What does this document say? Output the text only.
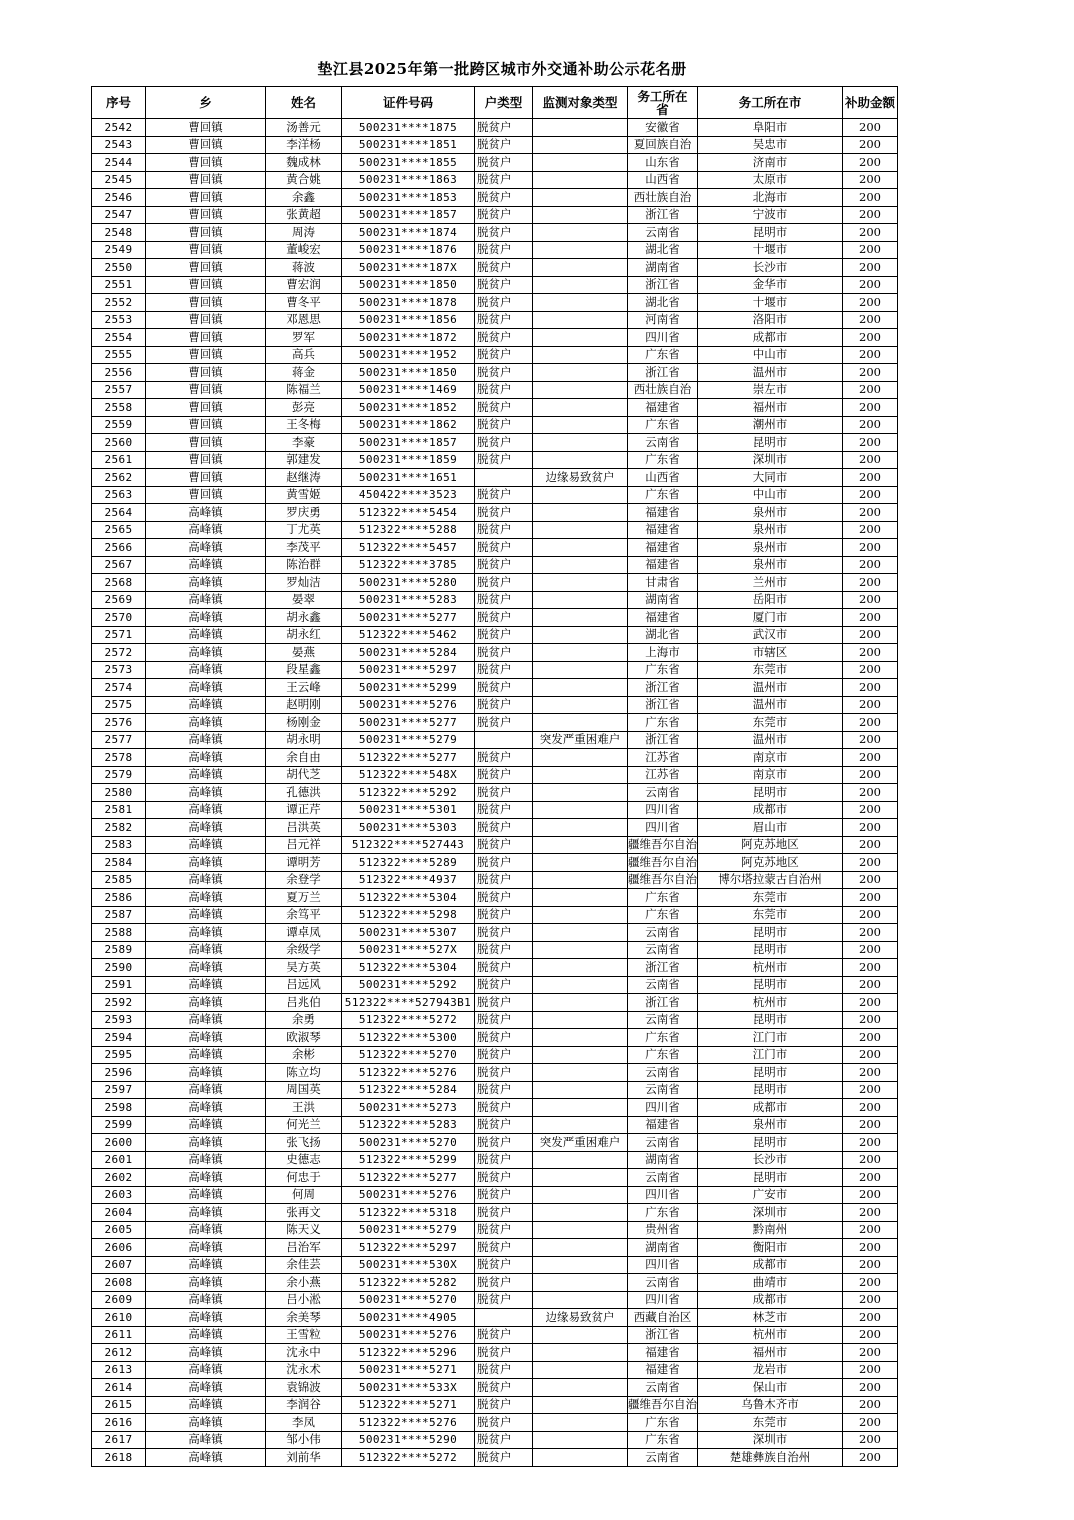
垫江县2025年第一批跨区城市外交通补助公示花名册
序号	乡	姓名	证件号码	户类型	监测对象类型	务工所在省	务工所在市	补助金额
2542	曹回镇	汤善元	500231****1875	脱贫户		安徽省	阜阳市	200
2543	曹回镇	李洋杨	500231****1851	脱贫户		夏回族自治	吴忠市	200
2544	曹回镇	魏成林	500231****1855	脱贫户		山东省	济南市	200
2545	曹回镇	黄合姚	500231****1863	脱贫户		山西省	太原市	200
2546	曹回镇	余鑫	500231****1853	脱贫户		西壮族自治	北海市	200
2547	曹回镇	张黄超	500231****1857	脱贫户		浙江省	宁波市	200
2548	曹回镇	周涛	500231****1874	脱贫户		云南省	昆明市	200
2549	曹回镇	董峻宏	500231****1876	脱贫户		湖北省	十堰市	200
2550	曹回镇	蒋波	500231****187X	脱贫户		湖南省	长沙市	200
2551	曹回镇	曹宏润	500231****1850	脱贫户		浙江省	金华市	200
2552	曹回镇	曹冬平	500231****1878	脱贫户		湖北省	十堰市	200
2553	曹回镇	邓恩思	500231****1856	脱贫户		河南省	洛阳市	200
2554	曹回镇	罗军	500231****1872	脱贫户		四川省	成都市	200
2555	曹回镇	高兵	500231****1952	脱贫户		广东省	中山市	200
2556	曹回镇	蒋金	500231****1850	脱贫户		浙江省	温州市	200
2557	曹回镇	陈福兰	500231****1469	脱贫户		西壮族自治	崇左市	200
2558	曹回镇	彭亮	500231****1852	脱贫户		福建省	福州市	200
2559	曹回镇	王冬梅	500231****1862	脱贫户		广东省	潮州市	200
2560	曹回镇	李豪	500231****1857	脱贫户		云南省	昆明市	200
2561	曹回镇	郭建发	500231****1859	脱贫户		广东省	深圳市	200
2562	曹回镇	赵继涛	500231****1651		边缘易致贫户	山西省	大同市	200
2563	曹回镇	黄雪姬	450422****3523	脱贫户		广东省	中山市	200
2564	高峰镇	罗庆勇	512322****5454	脱贫户		福建省	泉州市	200
2565	高峰镇	丁尤英	512322****5288	脱贫户		福建省	泉州市	200
2566	高峰镇	李茂平	512322****5457	脱贫户		福建省	泉州市	200
2567	高峰镇	陈治群	512322****3785	脱贫户		福建省	泉州市	200
2568	高峰镇	罗灿洁	500231****5280	脱贫户		甘肃省	兰州市	200
2569	高峰镇	晏翠	500231****5283	脱贫户		湖南省	岳阳市	200
2570	高峰镇	胡永鑫	500231****5277	脱贫户		福建省	厦门市	200
2571	高峰镇	胡永红	512322****5462	脱贫户		湖北省	武汉市	200
2572	高峰镇	晏燕	500231****5284	脱贫户		上海市	市辖区	200
2573	高峰镇	段星鑫	500231****5297	脱贫户		广东省	东莞市	200
2574	高峰镇	王云峰	500231****5299	脱贫户		浙江省	温州市	200
2575	高峰镇	赵明刚	500231****5276	脱贫户		浙江省	温州市	200
2576	高峰镇	杨刚金	500231****5277	脱贫户		广东省	东莞市	200
2577	高峰镇	胡永明	500231****5279		突发严重困难户	浙江省	温州市	200
2578	高峰镇	余自由	512322****5277	脱贫户		江苏省	南京市	200
2579	高峰镇	胡代芝	512322****548X	脱贫户		江苏省	南京市	200
2580	高峰镇	孔德洪	512322****5292	脱贫户		云南省	昆明市	200
2581	高峰镇	谭正芹	500231****5301	脱贫户		四川省	成都市	200
2582	高峰镇	吕洪英	500231****5303	脱贫户		四川省	眉山市	200
2583	高峰镇	吕元祥	512322****527443	脱贫户		疆维吾尔自治	阿克苏地区	200
2584	高峰镇	谭明芳	512322****5289	脱贫户		疆维吾尔自治	阿克苏地区	200
2585	高峰镇	余登学	512322****4937	脱贫户		疆维吾尔自治	博尔塔拉蒙古自治州	200
2586	高峰镇	夏万兰	512322****5304	脱贫户		广东省	东莞市	200
2587	高峰镇	余笃平	512322****5298	脱贫户		广东省	东莞市	200
2588	高峰镇	谭卓凤	500231****5307	脱贫户		云南省	昆明市	200
2589	高峰镇	余级学	500231****527X	脱贫户		云南省	昆明市	200
2590	高峰镇	吴方英	512322****5304	脱贫户		浙江省	杭州市	200
2591	高峰镇	吕远风	500231****5292	脱贫户		云南省	昆明市	200
2592	高峰镇	吕兆伯	512322****527943B1	脱贫户		浙江省	杭州市	200
2593	高峰镇	余勇	512322****5272	脱贫户		云南省	昆明市	200
2594	高峰镇	欧淑琴	512322****5300	脱贫户		广东省	江门市	200
2595	高峰镇	余彬	512322****5270	脱贫户		广东省	江门市	200
2596	高峰镇	陈立均	512322****5276	脱贫户		云南省	昆明市	200
2597	高峰镇	周国英	512322****5284	脱贫户		云南省	昆明市	200
2598	高峰镇	王洪	500231****5273	脱贫户		四川省	成都市	200
2599	高峰镇	何光兰	512322****5283	脱贫户		福建省	泉州市	200
2600	高峰镇	张飞扬	500231****5270	脱贫户	突发严重困难户	云南省	昆明市	200
2601	高峰镇	史德志	512322****5299	脱贫户		湖南省	长沙市	200
2602	高峰镇	何忠于	512322****5277	脱贫户		云南省	昆明市	200
2603	高峰镇	何周	500231****5276	脱贫户		四川省	广安市	200
2604	高峰镇	张再文	512322****5318	脱贫户		广东省	深圳市	200
2605	高峰镇	陈天义	500231****5279	脱贫户		贵州省	黔南州	200
2606	高峰镇	吕治军	512322****5297	脱贫户		湖南省	衡阳市	200
2607	高峰镇	余佳芸	500231****530X	脱贫户		四川省	成都市	200
2608	高峰镇	余小燕	512322****5282	脱贫户		云南省	曲靖市	200
2609	高峰镇	吕小淞	500231****5270	脱贫户		四川省	成都市	200
2610	高峰镇	余美琴	500231****4905		边缘易致贫户	西藏自治区	林芝市	200
2611	高峰镇	王雪粒	500231****5276	脱贫户		浙江省	杭州市	200
2612	高峰镇	沈永中	512322****5296	脱贫户		福建省	福州市	200
2613	高峰镇	沈永术	500231****5271	脱贫户		福建省	龙岩市	200
2614	高峰镇	袁锦波	500231****533X	脱贫户		云南省	保山市	200
2615	高峰镇	李润谷	512322****5271	脱贫户		疆维吾尔自治	乌鲁木齐市	200
2616	高峰镇	李凤	512322****5276	脱贫户		广东省	东莞市	200
2617	高峰镇	邹小伟	500231****5290	脱贫户		广东省	深圳市	200
2618	高峰镇	刘前华	512322****5272	脱贫户		云南省	楚雄彝族自治州	200
